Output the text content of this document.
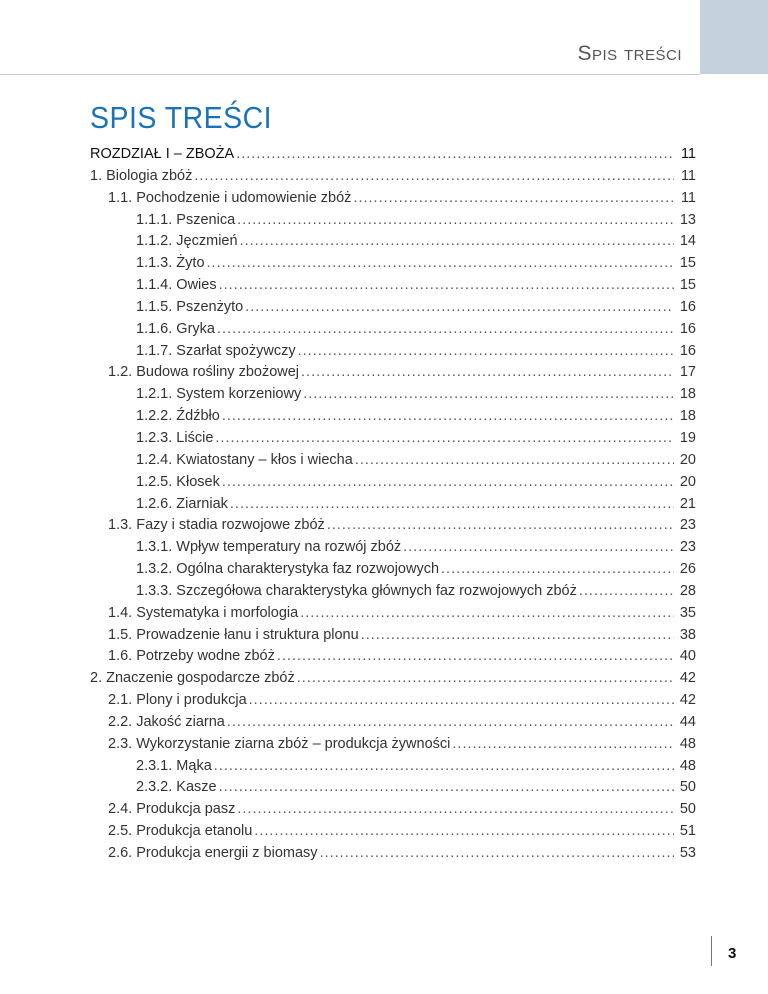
Spis treści
SPIS TREŚCI
ROZDZIAŁ I – ZBOŻA .....	11
1. Biologia zbóż .....	11
1.1. Pochodzenie i udomowienie zbóż .....	11
1.1.1. Pszenica .....	13
1.1.2. Jęczmień .....	14
1.1.3. Żyto .....	15
1.1.4. Owies .....	15
1.1.5. Pszenżyto .....	16
1.1.6. Gryka .....	16
1.1.7. Szarłat spożywczy .....	16
1.2. Budowa rośliny zbożowej .....	17
1.2.1. System korzeniowy .....	18
1.2.2. Źdźbło .....	18
1.2.3. Liście .....	19
1.2.4. Kwiatostany – kłos i wiecha .....	20
1.2.5. Kłosek .....	20
1.2.6. Ziarniak .....	21
1.3. Fazy i stadia rozwojowe zbóż .....	23
1.3.1. Wpływ temperatury na rozwój zbóż .....	23
1.3.2. Ogólna charakterystyka faz rozwojowych .....	26
1.3.3. Szczegółowa charakterystyka głównych faz rozwojowych zbóż .....	28
1.4. Systematyka i morfologia .....	35
1.5. Prowadzenie łanu i struktura plonu .....	38
1.6. Potrzeby wodne zbóż .....	40
2. Znaczenie gospodarcze zbóż .....	42
2.1. Plony i produkcja .....	42
2.2. Jakość ziarna .....	44
2.3. Wykorzystanie ziarna zbóż – produkcja żywności .....	48
2.3.1. Mąka .....	48
2.3.2. Kasze .....	50
2.4. Produkcja pasz .....	50
2.5. Produkcja etanolu .....	51
2.6. Produkcja energii z biomasy .....	53
3
